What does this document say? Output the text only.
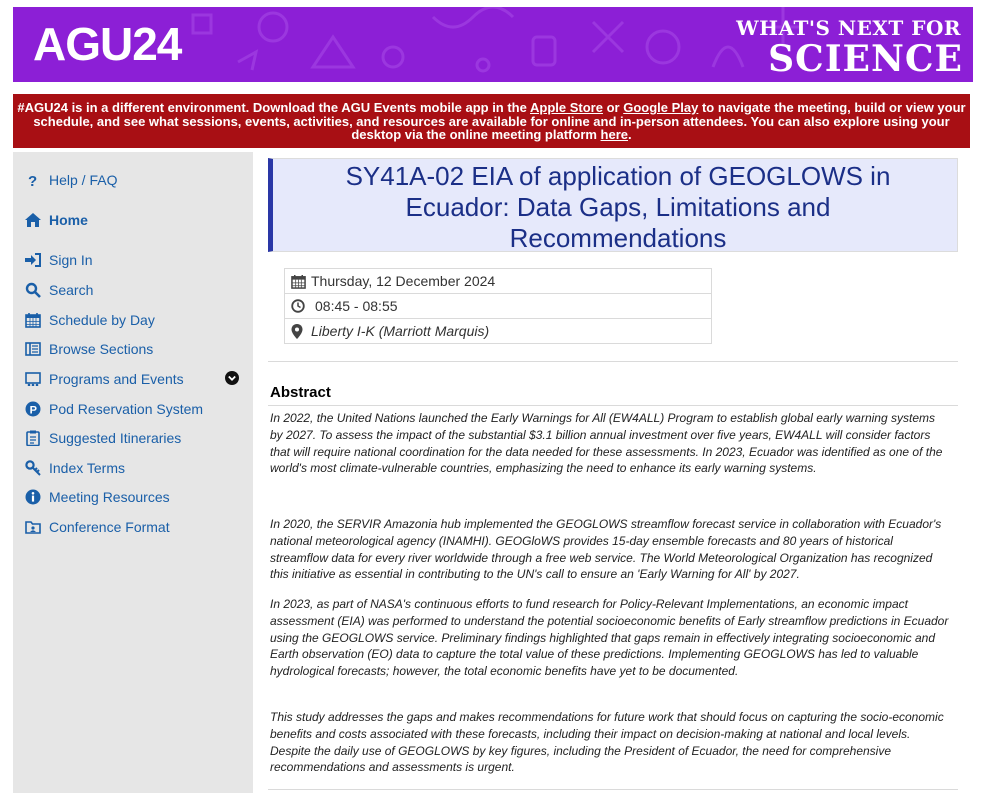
AGU24	WHAT'S NEXT FOR
SCIENCE
#AGU24 is in a different environment. Download the AGU Events mobile app in the Apple Store or Google Play to navigate the meeting, build or view your schedule, and see what sessions, events, activities, and resources are available for online and in-person attendees. You can also explore using your desktop via the online meeting platform here.
? Help / FAQ
Home
Sign In
Search
Schedule by Day
Browse Sections
Programs and Events
P Pod Reservation System
Suggested Itineraries
Index Terms
Meeting Resources
Conference Format
SY41A-02 EIA of application of GEOGLOWS in Ecuador: Data Gaps, Limitations and Recommendations
Thursday, 12 December 2024
08:45 - 08:55
Liberty I-K (Marriott Marquis)
Abstract

In 2022, the United Nations launched the Early Warnings for All (EW4ALL) Program to establish global early warning systems by 2027. To assess the impact of the substantial $3.1 billion annual investment over five years, EW4ALL will consider factors that will require national coordination for the data needed for these assessments. In 2023, Ecuador was identified as one of the world's most climate-vulnerable countries, emphasizing the need to enhance its early warning systems.

In 2020, the SERVIR Amazonia hub implemented the GEOGLOWS streamflow forecast service in collaboration with Ecuador's national meteorological agency (INAMHI). GEOGloWS provides 15-day ensemble forecasts and 80 years of historical streamflow data for every river worldwide through a free web service. The World Meteorological Organization has recognized this initiative as essential in contributing to the UN's call to ensure an 'Early Warning for All' by 2027.

In 2023, as part of NASA's continuous efforts to fund research for Policy-Relevant Implementations, an economic impact assessment (EIA) was performed to understand the potential socioeconomic benefits of Early streamflow predictions in Ecuador using the GEOGLOWS service. Preliminary findings highlighted that gaps remain in effectively integrating socioeconomic and Earth observation (EO) data to capture the total value of these predictions. Implementing GEOGLOWS has led to valuable hydrological forecasts; however, the total economic benefits have yet to be documented.

This study addresses the gaps and makes recommendations for future work that should focus on capturing the socio-economic benefits and costs associated with these forecasts, including their impact on decision-making at national and local levels. Despite the daily use of GEOGLOWS by key figures, including the President of Ecuador, the need for comprehensive recommendations and assessments is urgent.
